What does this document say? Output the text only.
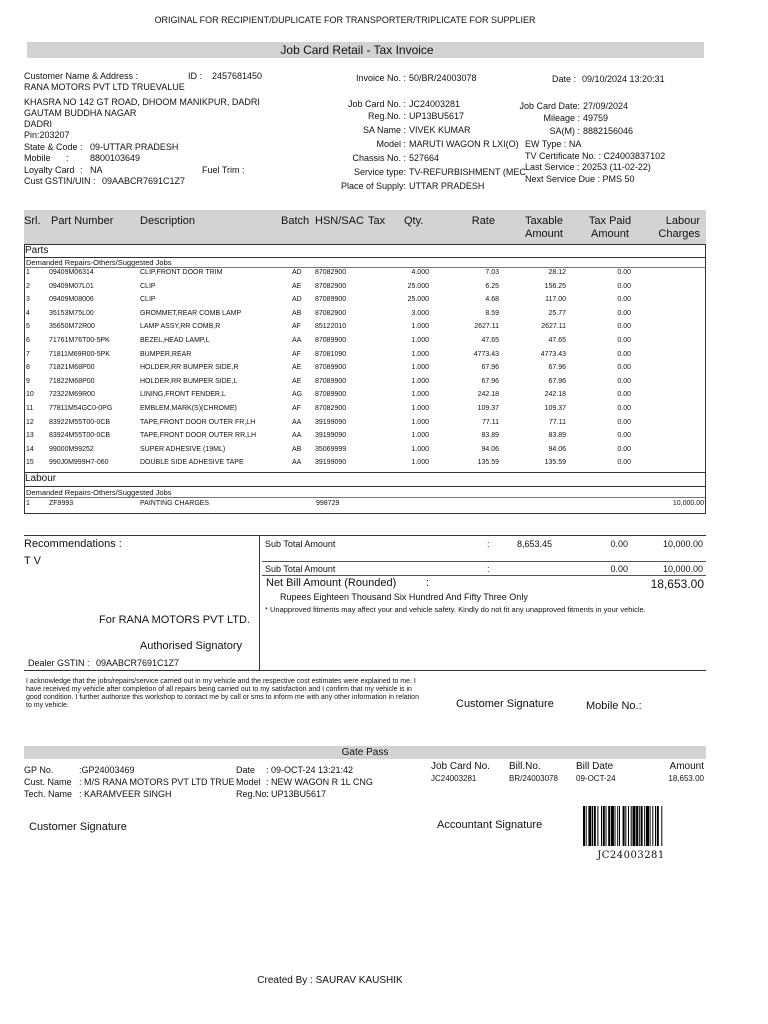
ORIGINAL FOR RECIPIENT/DUPLICATE FOR TRANSPORTER/TRIPLICATE FOR SUPPLIER
Job Card Retail - Tax Invoice
Customer Name & Address :	ID : 2457681450
RANA MOTORS PVT LTD TRUEVALUE
KHASRA NO 142 GT ROAD, DHOOM MANIKPUR, DADRI
GAUTAM BUDDHA NAGAR
DADRI
Pin:203207
State & Code : 09-UTTAR PRADESH
Mobile : 8800103649
Loyalty Card : NA	Fuel Trim :
Cust GSTIN/UIN : 09AABCR7691C1Z7
Invoice No. : 50/BR/24003078	Date : 09/10/2024 13:20:31
Job Card No. : JC24003281
Reg.No. : UP13BU5617
SA Name : VIVEK KUMAR
Model : MARUTI WAGON R LXI(O)
Chassis No. : 527664
Service type: TV-REFURBISHMENT (MEC
Place of Supply: UTTAR PRADESH
Job Card Date: 27/09/2024
Mileage : 49759
SA(M) : 8882156046
EW Type : NA
TV Certificate No. : C24003837102
Last Service : 20253 (11-02-22)
Next Service Due : PMS 50
Srl. Part Number Description	Batch HSN/SAC Tax Qty.	Rate	Taxable
Amount
Tax Paid
Amount
Labour
Charges
Parts
Demanded Repairs-Others/Suggested Jobs
1	09409M06314	CLIP,FRONT DOOR TRIM	AD 87082900	4.000	7.03	28.12	0.00
2	09409M07L01	CLIP	AE 87082900	25.000	6.25	156.25	0.00
3	09409M08006	CLIP	AD 87089900	25.000	4.68	117.00	0.00
4	35153M75L00	GROMMET,REAR COMB LAMP	AB 87082900	3.000	8.59	25.77	0.00
5	35650M72R00	LAMP ASSY,RR COMB,R	AF 85122010	1.000	2627.11	2627.11	0.00
6	71761M76T00-5PK	BEZEL,HEAD LAMP,L	AA 87089900	1.000	47.65	47.65	0.00
7	71811M69R00-5PK	BUMPER,REAR	AF 87081090	1.000	4773.43	4773.43	0.00
8	71821M68P00	HOLDER,RR BUMPER SIDE,R	AE 87089900	1.000	67.96	67.96	0.00
9	71822M68P00	HOLDER,RR BUMPER SIDE,L	AE 87089900	1.000	67.96	67.96	0.00
10 72322M69R00	LINING,FRONT FENDER,L	AG 87089900	1.000	242.18	242.18	0.00
11 77811M54GC0-0PG	EMBLEM,MARK(S)(CHROME)	AF 87082900	1.000	109.37	109.37	0.00
12 83922M55T00-0CB	TAPE,FRONT DOOR OUTER FR,LH	AA 39199090	1.000	77.11	77.11	0.00
13 83924M55T00-0CB	TAPE,FRONT DOOR OUTER RR,LH	AA 39199090	1.000	83.89	83.89	0.00
14 99000M99252	SUPER ADHESIVE (19ML)	AB 35069999	1.000	94.06	94.06	0.00
15 990J0M999H7-060	DOUBLE SIDE ADHESIVE TAPE	AA 39199090	1.000	135.59	135.59	0.00
Labour
Demanded Repairs-Others/Suggested Jobs
1	ZF9993	PAINTING CHARGES	998729	10,000.00
Recommendations :
T V
Sub Total Amount	:	8,653.45	0.00	10,000.00
Sub Total Amount	:	0.00	10,000.00
Net Bill Amount (Rounded)	:	18,653.00
Rupees Eighteen Thousand Six Hundred And Fifty Three Only
* Unapproved fitments may affect your and vehicle safety. Kindly do not fit any unapproved fitments in your vehicle.
For RANA MOTORS PVT LTD.
Authorised Signatory
Dealer GSTIN : 09AABCR7691C1Z7
I acknowledge that the jobs/repairs/service carried out in my vehicle and the respective cost estimates were explained to me. I
have received my vehicle after completion of all repairs being carried out to my satisfaction and I confirm that my vehicle is in
good condition. I further authorize this workshop to contact me by call or sms to inform me with any other information in relation
to my vehicle.	Customer Signature	Mobile No.:
Gate Pass
GP No.	:GP24003469
Cust. Name : M/S RANA MOTORS PVT LTD TRUE
Tech. Name : KARAMVEER SINGH
Date : 09-OCT-24 13:21:42
Model : NEW WAGON R 1L CNG
Reg.No.
: UP13BU5617
Job Card No. Bill.No.	Bill Date	Amount
JC24003281	BR/24003078 09-OCT-24	18,653.00
Customer Signature	Accountant Signature
JC24003281
Created By : SAURAV KAUSHIK
